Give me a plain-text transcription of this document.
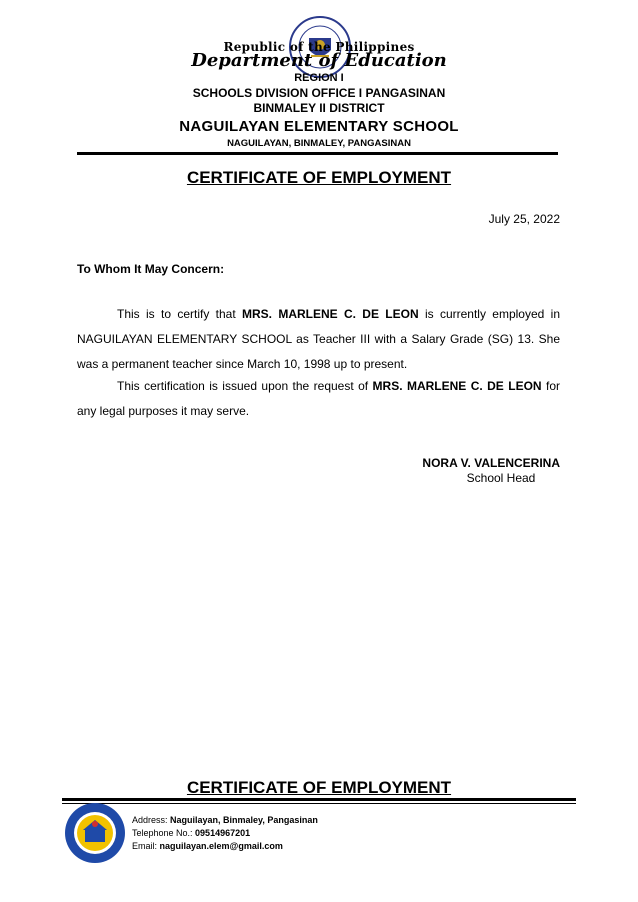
Republic of the Philippines
Department of Education
REGION I
SCHOOLS DIVISION OFFICE I PANGASINAN
BINMALEY II DISTRICT
NAGUILAYAN ELEMENTARY SCHOOL
NAGUILAYAN, BINMALEY, PANGASINAN
CERTIFICATE OF EMPLOYMENT
July 25, 2022
To Whom It May Concern:
This is to certify that MRS. MARLENE C. DE LEON is currently employed in NAGUILAYAN ELEMENTARY SCHOOL as Teacher III with a Salary Grade (SG) 13. She was a permanent teacher since March 10, 1998 up to present.
This certification is issued upon the request of MRS. MARLENE C. DE LEON for any legal purposes it may serve.
NORA V. VALENCERINA
School Head
CERTIFICATE OF EMPLOYMENT
Address: Naguilayan, Binmaley, Pangasinan
Telephone No.: 09514967201
Email: naguilayan.elem@gmail.com
